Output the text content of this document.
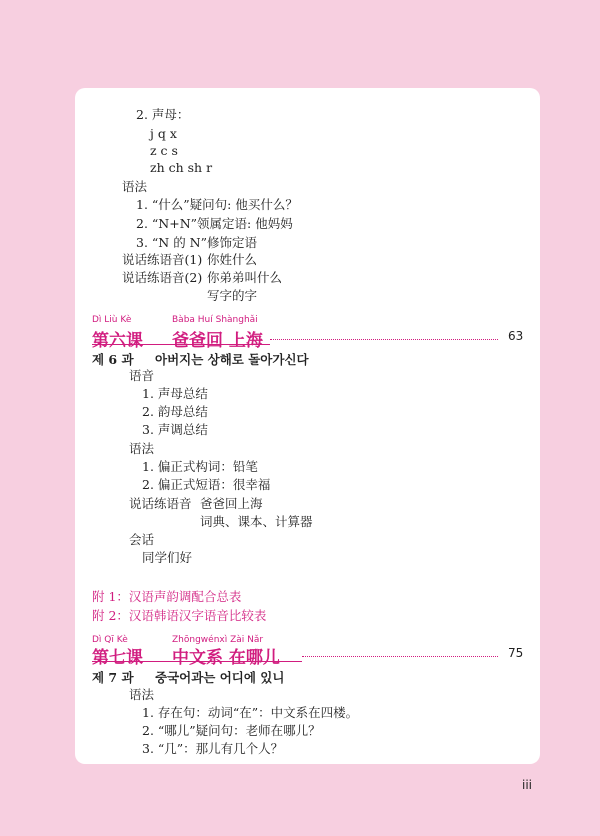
2. 声母：
j q x
z c s
zh ch sh r
语法
1. “什么”疑问句: 他买什么？
2. “N+N”领属定语: 他妈妈
3. “N 的 N”修饰定语
说话练语音(1) 你姓什么
说话练语音(2) 你弟弟叫什么
写字的字
Dì Liù Kè	Bàba Huí Shànghǎi
第六课 爸爸回 上海	63
제 6 과 아버지는 상해로 돌아가신다
语音
1. 声母总结
2. 韵母总结
3. 声调总结
语法
1. 偏正式构词：铅笔
2. 偏正式短语：很幸福
说话练语音 爸爸回上海
词典、课本、计算器
会话
同学们好
附 1：汉语声韵调配合总表
附 2：汉语韩语汉字语音比较表
Dì Qī Kè	Zhōngwénxì Zài Nǎr
第七课 中文系 在哪儿	75
제 7 과 중국어과는 어디에 있니
语法
1. 存在句：动词“在”：中文系在四楼。
2. “哪儿”疑问句：老师在哪儿？
3. “几”：那儿有几个人？
iii
